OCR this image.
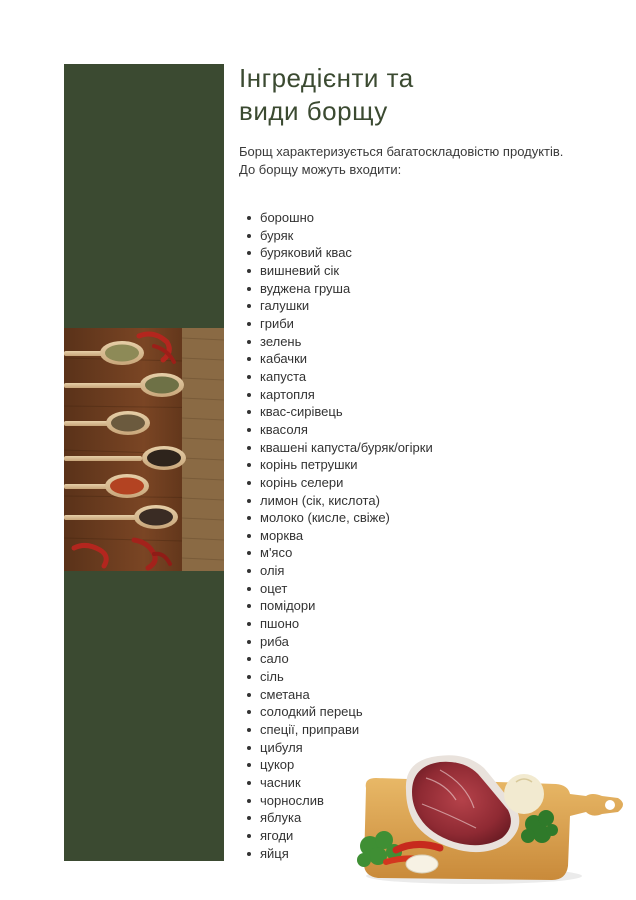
Інгредієнти та
види борщу

Борщ характеризується багатоскладовістю продуктів.

До борщу можуть входити:

борошно
буряк
буряковий квас
вишневий сік
вуджена груша
галушки
гриби
зелень
кабачки
капуста
картопля
квас-сирівець
квасоля
квашені капуста/буряк/огірки
корінь петрушки
корінь селери
лимон (сік, кислота)
молоко (кисле, свіже)
морква
м'ясо
олія
оцет
помідори
пшоно
риба
сало
сіль
сметана
солодкий перець
спеції, приправи
цибуля
цукор
часник
чорнослив
яблука
ягоди
яйця
